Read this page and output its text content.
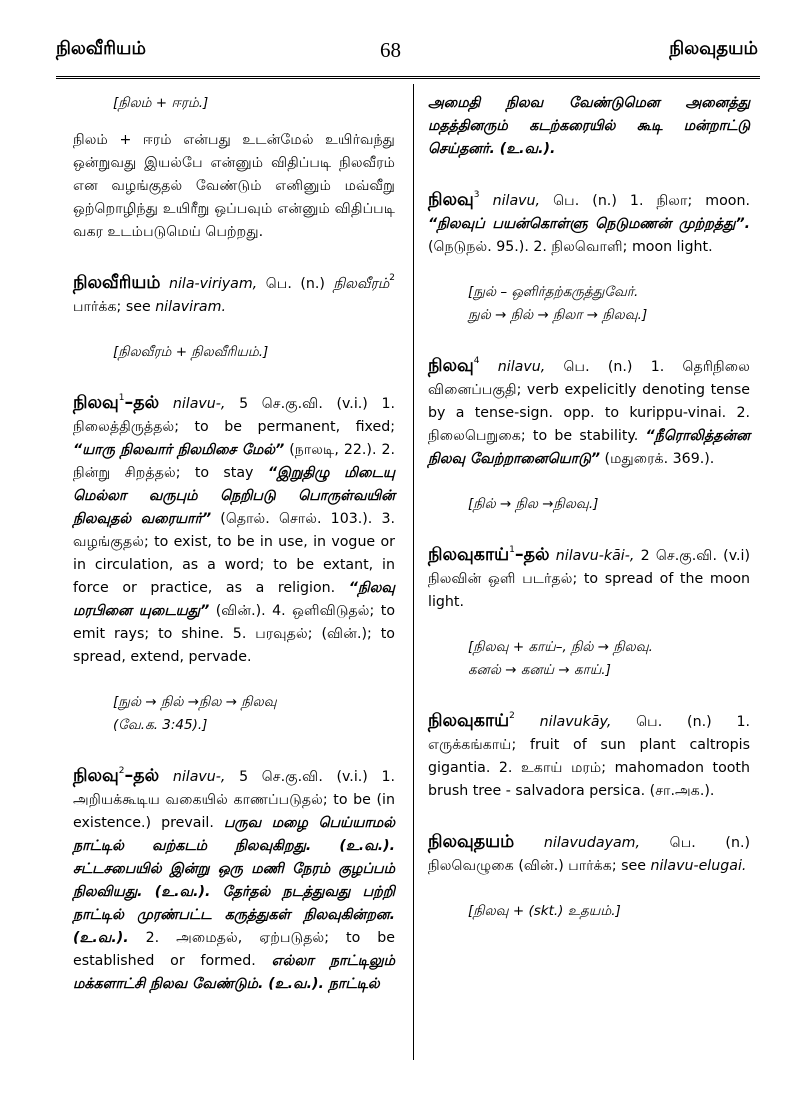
நிலவீரியம்	68	நிலவுதயம்

[நிலம் + ஈரம்.]

நிலம் + ஈரம் என்பது உடன்மேல் உயிர்வந்து ஒன்றுவது இயல்பே என்னும் விதிப்படி நிலவீரம் என வழங்குதல் வேண்டும் எனினும் மவ்வீறு ஒற்றொழிந்து உயிரீறு ஒப்பவும் என்னும் விதிப்படி வகர உடம்படுமெய் பெற்றது.

நிலவீரியம் nila-viriyam, பெ. (n.) நிலவீரம்$^2$ பார்க்க; see nilaviram.

[நிலவீரம் + நிலவீரியம்.]

நிலவு$^1$–தல் nilavu-, 5 செ.கு.வி. (v.i.) 1. நிலைத்திருத்தல்; to be permanent, fixed; “யாரு நிலவார் நிலமிசை மேல்” (நாலடி, 22.). 2. நின்று சிறத்தல்; to stay “இறுதிழு மிடையு மெல்லா வருபும் நெறிபடு பொருள்வயின் நிலவுதல் வரையார்” (தொல். சொல். 103.). 3. வழங்குதல்; to exist, to be in use, in vogue or in circulation, as a word; to be extant, in force or practice, as a religion. “நிலவு மரபினை யுடையது” (வின்.). 4. ஒளிவிடுதல்; to emit rays; to shine. 5. பரவுதல்; (வின்.); to spread, extend, pervade.

[நுல் → நில் →நில → நிலவு
(வே.க. 3:45).]

நிலவு$^2$–தல் nilavu-, 5 செ.கு.வி. (v.i.) 1. அறியக்கூடிய வகையில் காணப்படுதல்; to be (in existence.) prevail. பருவ மழை பெய்யாமல் நாட்டில் வற்கடம் நிலவுகிறது. (உ.வ.). சட்டசபையில் இன்று ஒரு மணி நேரம் குழப்பம் நிலவியது. (உ.வ.). தேர்தல் நடத்துவது பற்றி நாட்டில் முரண்பட்ட கருத்துகள் நிலவுகின்றன.(உ.வ.). 2. அமைதல், ஏற்படுதல்; to be established or formed. எல்லா நாட்டிலும் மக்களாட்சி நிலவ வேண்டும். (உ.வ.). நாட்டில்

அமைதி நிலவ வேண்டுமென அனைத்து மதத்தினரும் கடற்கரையில் கூடி மன்றாட்டு செய்தனர். (உ.வ.).

நிலவு$^3$ nilavu, பெ. (n.) 1. நிலா; moon. “நிலவுப் பயன்கொள்ளு நெடுமணன் முற்றத்து”. (நெடுநல். 95.). 2. நிலவொளி; moon light.

[நுல் – ஒளிர்தற்கருத்துவேர்.
நுல் → நில் → நிலா → நிலவு.]

நிலவு$^4$ nilavu, பெ. (n.) 1. தெரிநிலை வினைப்பகுதி; verb expelicitly denoting tense by a tense-sign. opp. to kurippu-vinai. 2. நிலைபெறுகை; to be stability. “நீரொலித்தன்ன நிலவு வேற்றானையொடு” (மதுரைக். 369.).

[நில் → நில →நிலவு.]

நிலவுகாய்$^1$–தல் nilavu-kāi-, 2 செ.கு.வி. (v.i) நிலவின் ஒளி படர்தல்; to spread of the moon light.

[நிலவு + காய்–, நில் → நிலவு.
கனல் → கனய் → காய்.]

நிலவுகாய்$^2$ nilavukāy, பெ. (n.) 1. எருக்கங்காய்; fruit of sun plant caltropis gigantia. 2. உகாய் மரம்; mahomadon tooth brush tree - salvadora persica. (சா.அக.).

நிலவுதயம் nilavudayam, பெ. (n.) நிலவெழுகை (வின்.) பார்க்க; see nilavu-elugai.

[நிலவு + (skt.) உதயம்.]
